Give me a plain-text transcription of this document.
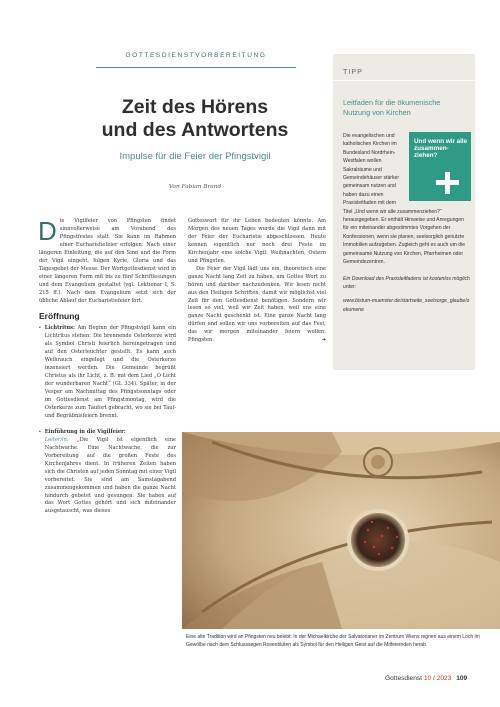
GOTTESDIENSTVORBEREITUNG
Zeit des Hörens
und des Antwortens
Impulse für die Feier der Pfingstvigil
Von Fabian Brand
D ie Vigilfeier von Pfingsten findet sinnvollerweise am Vorabend des Pfingstfestes statt. Sie kann im Rahmen einer Eucharistiefeier erfolgen: Nach einer längeren Einleitung, die auf den Sinn und die Form der Vigil eingeht, folgen Kyrie, Gloria und das Tagesgebet der Messe. Der Wortgottesdienst wird in einer längeren Form mit bis zu fünf Schriftlesungen und dem Evangelium gestaltet (vgl. Lektionar I, S. 215 ff.). Nach dem Evangelium setzt sich der übliche Ablauf der Eucharistiefeier fort.
Eröffnung
• Lichtritus: Am Beginn der Pfingstvigil kann ein Lichtritus stehen: Die brennende Osterkerze wird als Symbol Christi feierlich hereingetragen und auf den Osterleuchter gestellt. Es kann auch Weihrauch eingelegt und die Osterkerze inzensiert werden. Die Gemeinde begrüßt Christus als ihr Licht, z. B. mit dem Lied „O Licht der wunderbaren Nacht“ (GL 334). Später, in der Vesper am Nachmittag des Pfingstsonntags oder im Gottesdienst am Pfingstmontag, wird die Osterkerze zum Taufort gebracht, wo sie bei Tauf- und Begräbnisfeiern brennt.
• Einführung in die Vigilfeier:
Leiter/in: „Die Vigil ist eigentlich eine Nachtwache. Eine Nachtwache, die zur Vorbereitung auf die großen Feste des Kirchenjahres dient. In früheren Zeiten haben sich die Christen auf jeden Sonntag mit einer Vigil vorbereitet: Sie sind am Samstagabend zusammengekommen und haben die ganze Nacht hindurch gebetet und gesungen. Sie haben auf das Wort Gottes gehört und sich miteinander ausgetauscht, was dieses

Gotteswort für ihr Leben bedeuten könnte. Am Morgen des neuen Tages wurde die Vigil dann mit der Feier der Eucharistie abgeschlossen. Heute kennen eigentlich nur noch drei Feste im Kirchenjahr eine solche Vigil: Weihnachten, Ostern und Pfingsten.

Die Feier der Vigil lädt uns ein, theoretisch eine ganze Nacht lang Zeit zu haben, um Gottes Wort zu hören und darüber nachzudenken. Wir lesen nicht aus den Heiligen Schriften, damit wir möglichst viel Zeit für den Gottesdienst benötigen. Sondern wir lesen so viel, weil wir Zeit haben, weil uns eine ganze Nacht geschenkt ist. Eine ganze Nacht lang dürfen und sollen wir uns vorbereiten auf das Fest, das wir morgen miteinander feiern wollen: Pfingsten.	➔

TIPP
Leitfaden für die ökumenische Nutzung von Kirchen
Und wenn wir alle zusammen-ziehen?

Die evangelischen und katholischen Kirchen im Bundesland Nordrhein-Westfalen wollen Sakralräume und Gemeindehäuser stärker gemeinsam nutzen und haben dazu einen Praxisleitfaden mit dem Titel „Und wenn wir alle zusammenziehen?“ herausgegeben. Er enthält Hinweise und Anregungen für ein miteinander abgestimmtes Vorgehen der Konfessionen, wenn sie planen, seelsorglich genutzte Immobilien aufzugeben. Zugleich geht es auch um die gemeinsame Nutzung von Kirchen, Pfarrheimen oder Gemeindezentren.

Ein Download des Praxisleitfadens ist kostenlos möglich unter:

www.bistum-muenster.de/startseite_seelsorge_glaube/oekumene

Eine alte Tradition wird an Pfingsten neu belebt: In der Michaelkirche der Salvatorianer im Zentrum Wiens regnen aus einem Loch im Gewölbe nach dem Schlusssegen Rosenblüten als Symbol für den Heiligen Geist auf die Mitfeiernden herab.
Gottesdienst 10 / 2023 109
